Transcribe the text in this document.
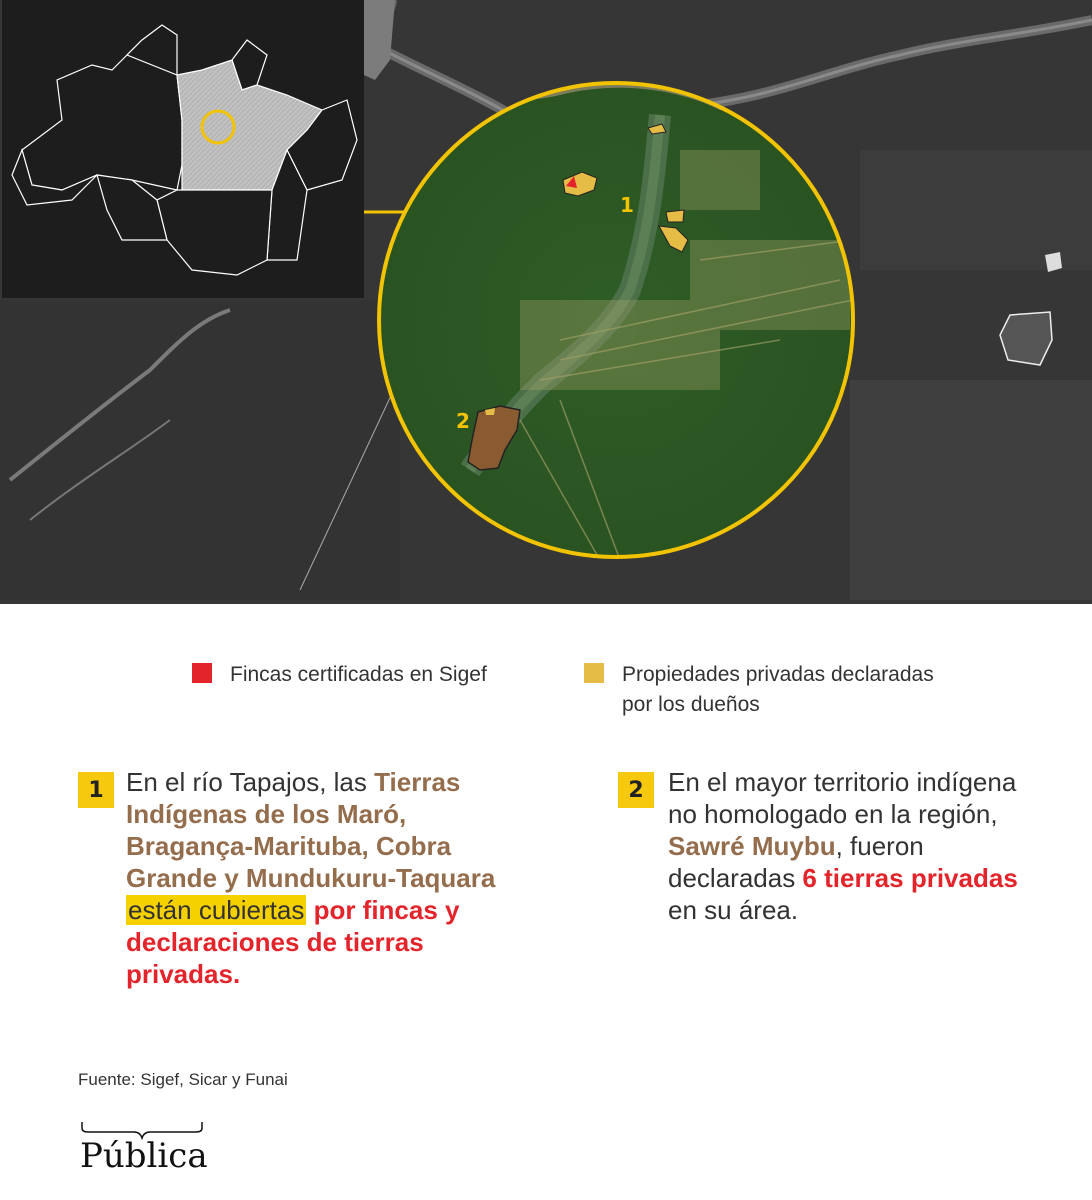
1
2
Fincas certificadas en Sigef	Propiedades privadas declaradas
por los dueños
1 En el río Tapajos, las Tierras Indígenas de los Maró, Bragança-Marituba, Cobra Grande y Mundukuru-Taquara están cubiertas por fincas y declaraciones de tierras privadas.
2 En el mayor territorio indígena no homologado en la región, Sawré Muybu, fueron declaradas 6 tierras privadas en su área.
Fuente: Sigef, Sicar y Funai
Pública
